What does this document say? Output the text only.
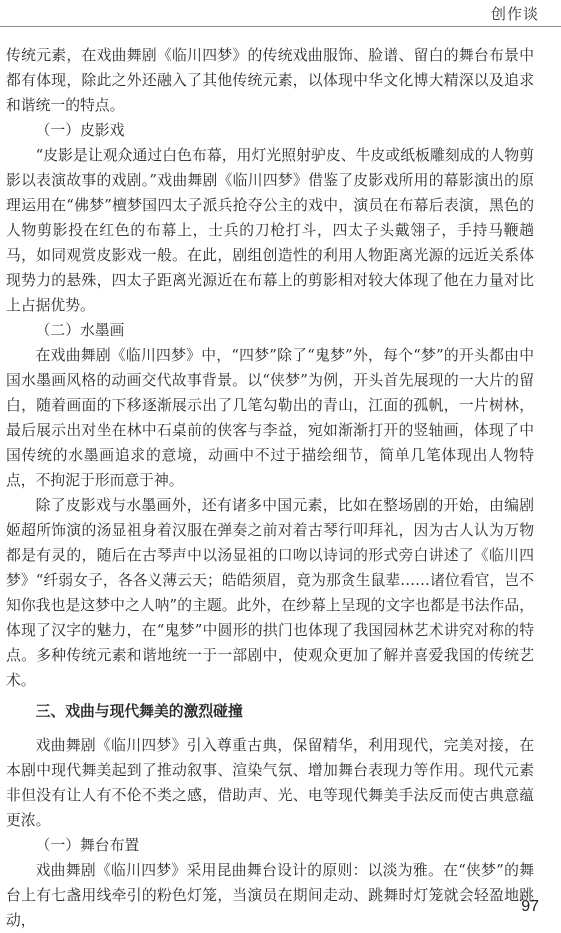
创作谈

传统元素，在戏曲舞剧《临川四梦》的传统戏曲服饰、脸谱、留白的舞台布景中都有体现，除此之外还融入了其他传统元素，以体现中华文化博大精深以及追求和谐统一的特点。

（一）皮影戏

“皮影是让观众通过白色布幕，用灯光照射驴皮、牛皮或纸板雕刻成的人物剪影以表演故事的戏剧。”戏曲舞剧《临川四梦》借鉴了皮影戏所用的幕影演出的原理运用在“佛梦”檀梦国四太子派兵抢夺公主的戏中，演员在布幕后表演，黑色的人物剪影投在红色的布幕上，士兵的刀枪打斗，四太子头戴翎子，手持马鞭趟马，如同观赏皮影戏一般。在此，剧组创造性的利用人物距离光源的远近关系体现势力的悬殊，四太子距离光源近在布幕上的剪影相对较大体现了他在力量对比上占据优势。

（二）水墨画

在戏曲舞剧《临川四梦》中，“四梦”除了“鬼梦”外，每个“梦”的开头都由中国水墨画风格的动画交代故事背景。以“侠梦”为例，开头首先展现的一大片的留白，随着画面的下移逐渐展示出了几笔勾勒出的青山，江面的孤帆，一片树林，最后展示出对坐在林中石桌前的侠客与李益，宛如渐渐打开的竖轴画，体现了中国传统的水墨画追求的意境，动画中不过于描绘细节，简单几笔体现出人物特点，不拘泥于形而意于神。

除了皮影戏与水墨画外，还有诸多中国元素，比如在整场剧的开始，由编剧姬超所饰演的汤显祖身着汉服在弹奏之前对着古琴行叩拜礼，因为古人认为万物都是有灵的，随后在古琴声中以汤显祖的口吻以诗词的形式旁白讲述了《临川四梦》“纤弱女子，各各义薄云天；皓皓须眉，竟为那贪生鼠辈……诸位看官，岂不知你我也是这梦中之人呐”的主题。此外，在纱幕上呈现的文字也都是书法作品，体现了汉字的魅力，在“鬼梦”中圆形的拱门也体现了我国园林艺术讲究对称的特点。多种传统元素和谐地统一于一部剧中，使观众更加了解并喜爱我国的传统艺术。

三、戏曲与现代舞美的激烈碰撞

戏曲舞剧《临川四梦》引入尊重古典，保留精华，利用现代，完美对接，在本剧中现代舞美起到了推动叙事、渲染气氛、增加舞台表现力等作用。现代元素非但没有让人有不伦不类之感，借助声、光、电等现代舞美手法反而使古典意蕴更浓。

（一）舞台布置

戏曲舞剧《临川四梦》采用昆曲舞台设计的原则：以淡为雅。在“侠梦”的舞台上有七盏用线牵引的粉色灯笼，当演员在期间走动、跳舞时灯笼就会轻盈地跳动，

97
